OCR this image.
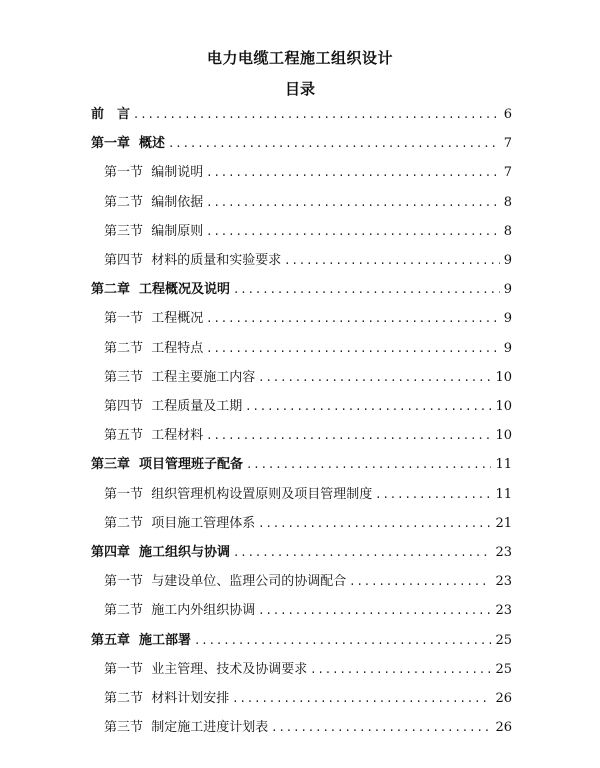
电力电缆工程施工组织设计
目录
前　言 .....	6
第一章  概述 .....	7
第一节  编制说明 .....	7
第二节  编制依据 .....	8
第三节  编制原则 .....	8
第四节  材料的质量和实验要求 .....	9
第二章  工程概况及说明 .....	9
第一节  工程概况 .....	9
第二节  工程特点 .....	9
第三节  工程主要施工内容 .....	10
第四节  工程质量及工期 .....	10
第五节  工程材料 .....	10
第三章  项目管理班子配备 .....	11
第一节  组织管理机构设置原则及项目管理制度 .....	11
第二节  项目施工管理体系 .....	21
第四章  施工组织与协调 .....	23
第一节  与建设单位、监理公司的协调配合 .....	23
第二节  施工内外组织协调 .....	23
第五章  施工部署 .....	25
第一节  业主管理、技术及协调要求 .....	25
第二节  材料计划安排 .....	26
第三节  制定施工进度计划表 .....	26
